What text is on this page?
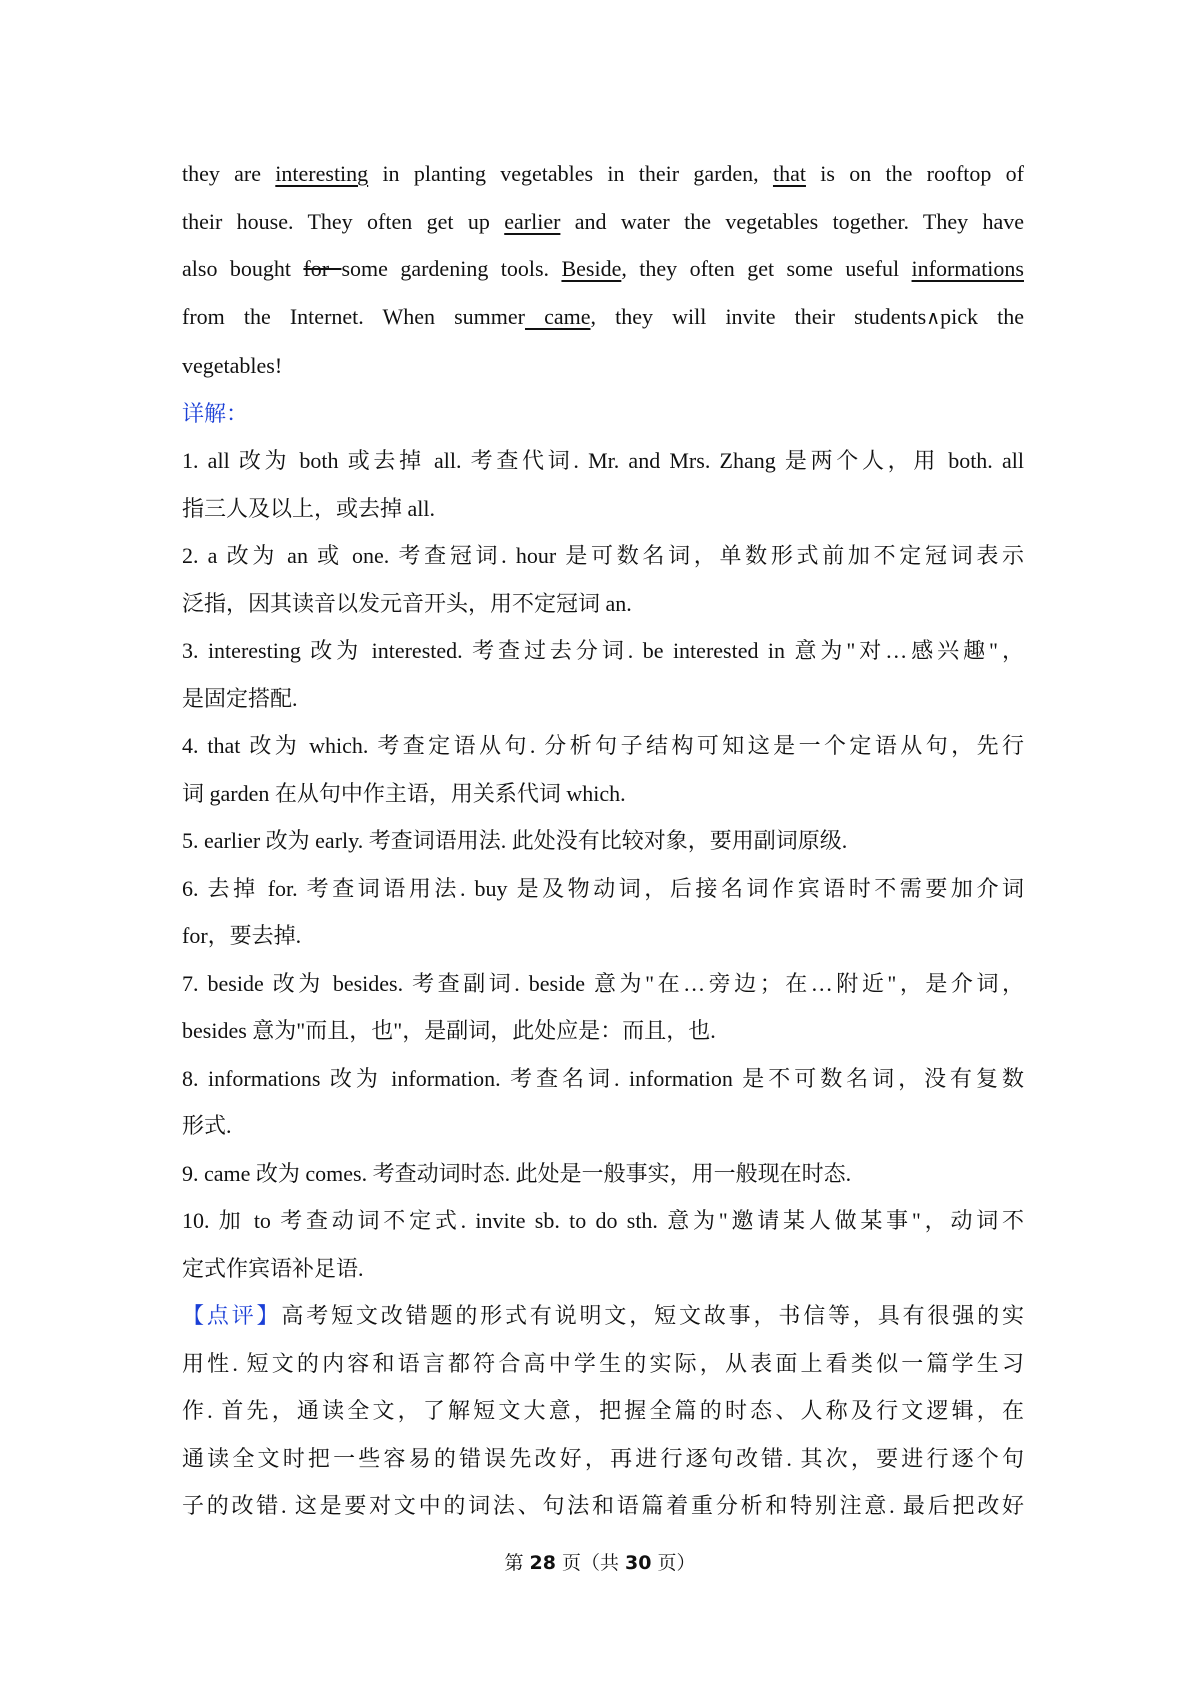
they are interesting in planting vegetables in their garden, that is on the rooftop of

their house. They often get up earlier and water the vegetables together. They have

also bought for some gardening tools. Beside, they often get some useful informations

from the Internet. When summer came, they will invite their students∧pick the

vegetables!

详解：

1. all 改为 both 或去掉 all. 考查代词. Mr. and Mrs. Zhang 是两个人，用 both. all

指三人及以上，或去掉 all.

2. a 改为 an 或 one. 考查冠词. hour 是可数名词，单数形式前加不定冠词表示

泛指，因其读音以发元音开头，用不定冠词 an.

3. interesting 改为 interested. 考查过去分词. be interested in 意为"对…感兴趣"，

是固定搭配.

4. that 改为 which. 考查定语从句. 分析句子结构可知这是一个定语从句，先行

词 garden 在从句中作主语，用关系代词 which.

5. earlier 改为 early. 考查词语用法. 此处没有比较对象，要用副词原级.

6. 去掉 for. 考查词语用法. buy 是及物动词，后接名词作宾语时不需要加介词

for，要去掉.

7. beside 改为 besides. 考查副词. beside 意为"在…旁边；在…附近"，是介词，

besides 意为"而且，也"，是副词，此处应是：而且，也.

8. informations 改为 information. 考查名词. information 是不可数名词，没有复数

形式.

9. came 改为 comes. 考查动词时态. 此处是一般事实，用一般现在时态.

10. 加 to 考查动词不定式. invite sb. to do sth. 意为"邀请某人做某事"，动词不

定式作宾语补足语.

【点评】高考短文改错题的形式有说明文，短文故事，书信等，具有很强的实

用性. 短文的内容和语言都符合高中学生的实际，从表面上看类似一篇学生习

作. 首先，通读全文，了解短文大意，把握全篇的时态、人称及行文逻辑，在

通读全文时把一些容易的错误先改好，再进行逐句改错. 其次，要进行逐个句

子的改错. 这是要对文中的词法、句法和语篇着重分析和特别注意. 最后把改好

第 28 页（共 30 页）
